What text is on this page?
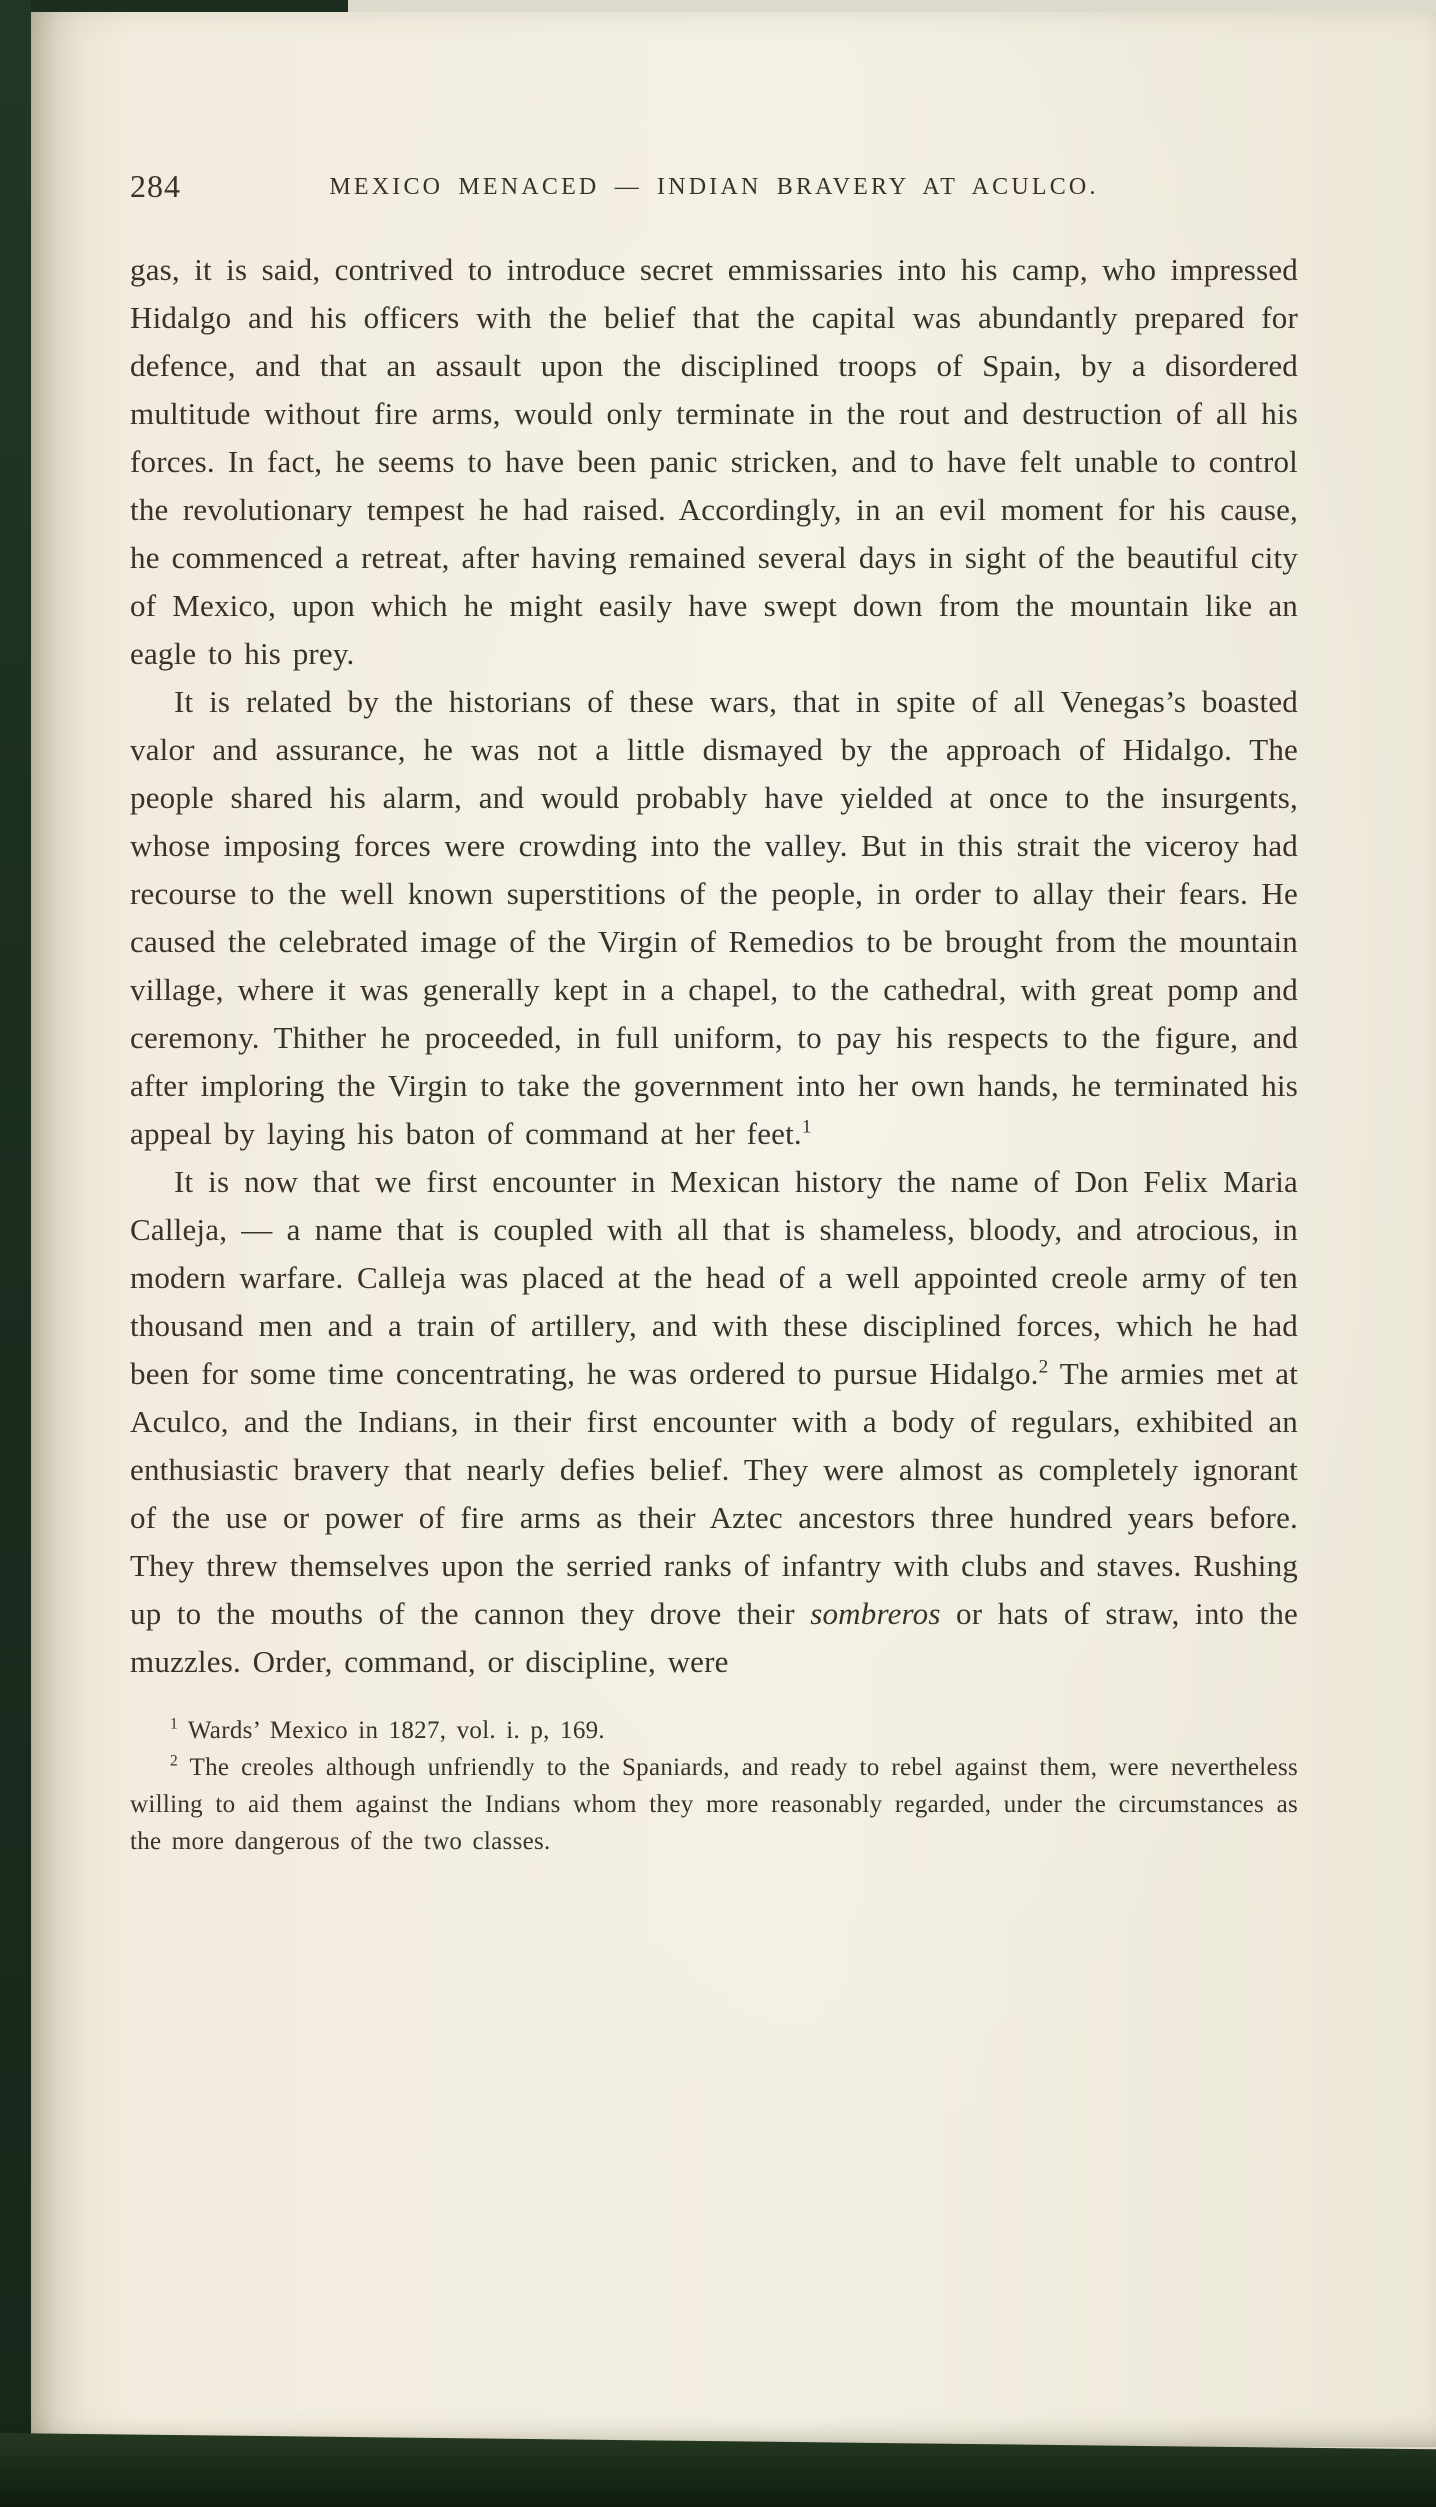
284	MEXICO MENACED — INDIAN BRAVERY AT ACULCO.

gas, it is said, contrived to introduce secret emmissaries into his camp, who impressed Hidalgo and his officers with the belief that the capital was abundantly prepared for defence, and that an assault upon the disciplined troops of Spain, by a disordered multitude without fire arms, would only terminate in the rout and destruction of all his forces. In fact, he seems to have been panic stricken, and to have felt unable to control the revolutionary tempest he had raised. Accordingly, in an evil moment for his cause, he commenced a retreat, after having remained several days in sight of the beautiful city of Mexico, upon which he might easily have swept down from the mountain like an eagle to his prey.

It is related by the historians of these wars, that in spite of all Venegas’s boasted valor and assurance, he was not a little dismayed by the approach of Hidalgo. The people shared his alarm, and would probably have yielded at once to the insurgents, whose imposing forces were crowding into the valley. But in this strait the viceroy had recourse to the well known superstitions of the people, in order to allay their fears. He caused the celebrated image of the Virgin of Remedios to be brought from the mountain village, where it was generally kept in a chapel, to the cathedral, with great pomp and ceremony. Thither he proceeded, in full uniform, to pay his respects to the figure, and after imploring the Virgin to take the government into her own hands, he terminated his appeal by laying his baton of command at her feet.$^1$

It is now that we first encounter in Mexican history the name of Don Felix Maria Calleja, — a name that is coupled with all that is shameless, bloody, and atrocious, in modern warfare. Calleja was placed at the head of a well appointed creole army of ten thousand men and a train of artillery, and with these disciplined forces, which he had been for some time concentrating, he was ordered to pursue Hidalgo.$^2$ The armies met at Aculco, and the Indians, in their first encounter with a body of regulars, exhibited an enthusiastic bravery that nearly defies belief. They were almost as completely ignorant of the use or power of fire arms as their Aztec ancestors three hundred years before. They threw themselves upon the serried ranks of infantry with clubs and staves. Rushing up to the mouths of the cannon they drove their sombreros or hats of straw, into the muzzles. Order, command, or discipline, were

$^1$ Wards’ Mexico in 1827, vol. i. p, 169.

$^2$ The creoles although unfriendly to the Spaniards, and ready to rebel against them, were nevertheless willing to aid them against the Indians whom they more reasonably regarded, under the circumstances as the more dangerous of the two classes.
